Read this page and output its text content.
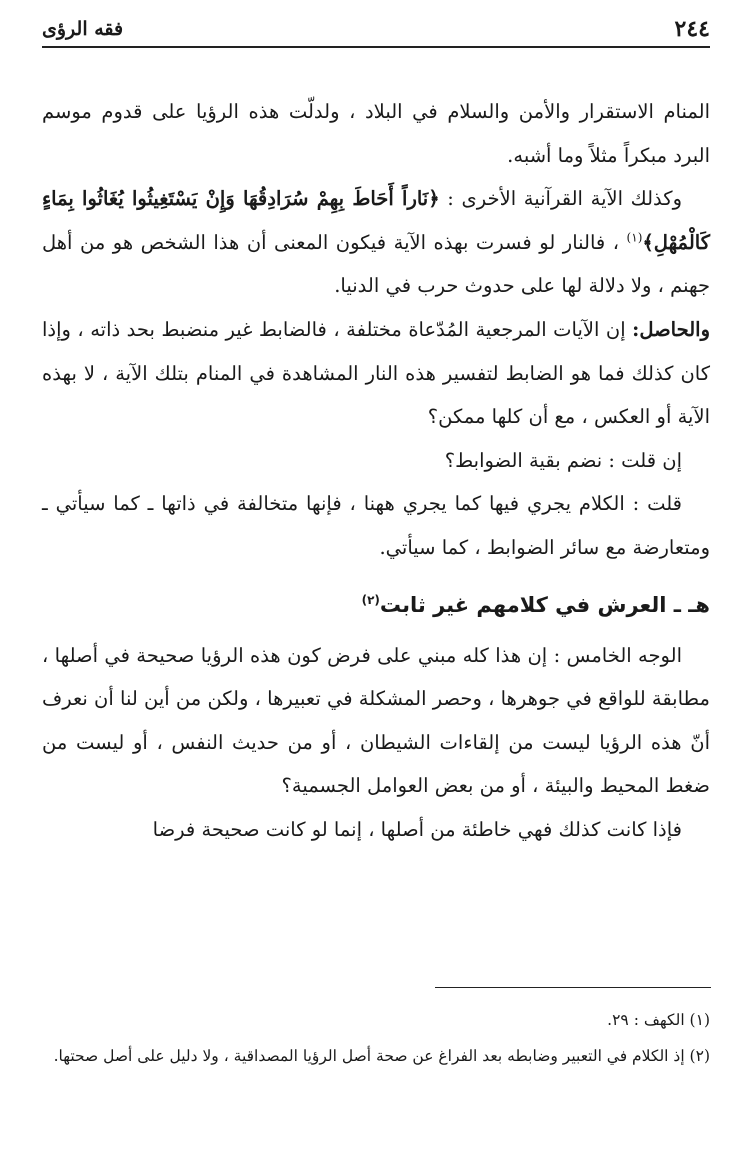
٢٤٤
فقه الرؤى

المنام الاستقرار والأمن والسلام في البلاد ، ولدلّت هذه الرؤيا على قدوم موسم البرد مبكراً مثلاً وما أشبه.

وكذلك الآية القرآنية الأخرى : ﴿نَاراً أَحَاطَ بِهِمْ سُرَادِقُهَا وَإِنْ يَسْتَغِيثُوا يُغَاثُوا بِمَاءٍ كَالْمُهْلِ﴾$^{(١)}$ ، فالنار لو فسرت بهذه الآية فيكون المعنى أن هذا الشخص هو من أهل جهنم ، ولا دلالة لها على حدوث حرب في الدنيا.

والحاصل: إن الآيات المرجعية المُدّعاة مختلفة ، فالضابط غير منضبط بحد ذاته ، وإذا كان كذلك فما هو الضابط لتفسير هذه النار المشاهدة في المنام بتلك الآية ، لا بهذه الآية أو العكس ، مع أن كلها ممكن؟

إن قلت : نضم بقية الضوابط؟

قلت : الكلام يجري فيها كما يجري ههنا ، فإنها متخالفة في ذاتها ـ كما سيأتي ـ ومتعارضة مع سائر الضوابط ، كما سيأتي.

هـ ـ العرش في كلامهم غير ثابت$^{(٢)}$

الوجه الخامس : إن هذا كله مبني على فرض كون هذه الرؤيا صحيحة في أصلها ، مطابقة للواقع في جوهرها ، وحصر المشكلة في تعبيرها ، ولكن من أين لنا أن نعرف أنّ هذه الرؤيا ليست من إلقاءات الشيطان ، أو من حديث النفس ، أو ليست من ضغط المحيط والبيئة ، أو من بعض العوامل الجسمية؟

فإذا كانت كذلك فهي خاطئة من أصلها ، إنما لو كانت صحيحة فرضا

(١) الكهف : ٢٩.

(٢) إذ الكلام في التعبير وضابطه بعد الفراغ عن صحة أصل الرؤيا المصداقية ، ولا دليل على أصل صحتها.
